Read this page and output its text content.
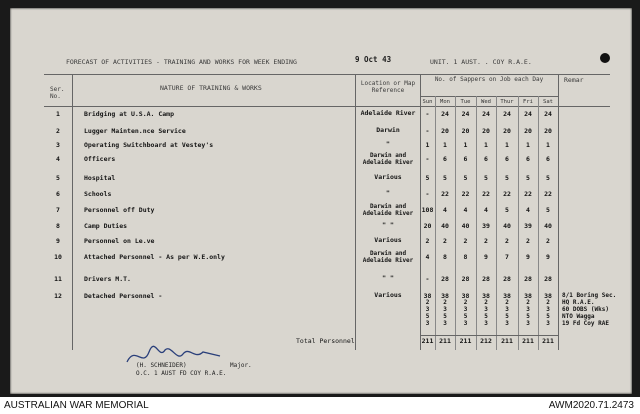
FORECAST OF ACTIVITIES - TRAINING AND WORKS FOR WEEK ENDING	9 Oct 43	UNIT. 1 AUST. . COY R.A.E.
Ser. No.
NATURE OF TRAINING & WORKS
Location or Map Reference
No. of Sappers on Job each Day	Remar
(H. SCHNEIDER)	Major.
O.C. 1 AUST FD COY R.A.E.
AUSTRALIAN WAR MEMORIAL	AWM2020.71.2473
Sun	Mon	Tue	Wed	Thur	Fri	Sat
1	Bridging at U.S.A. Camp	Adelaide River	-	24	24	24	24	24	24
2	Lugger Mainten.nce Service	Darwin	-	20	20	20	20	20	20
3	Operating Switchboard at Vestey's	"	1	1	1	1	1	1	1
4	Officers	Darwin and Adelaide River	-	6	6	6	6	6	6
5	Hospital	Various	5	5	5	5	5	5	5
6	Schools	"	-	22	22	22	22	22	22
7	Personnel off Duty	Darwin and Adelaide River	108	4	4	4	5	4	5
8	Camp Duties	" "	20	40	40	39	40	39	40
9	Personnel on Le.ve	Various	2	2	2	2	2	2	2
10	Attached Personnel - As per W.E.only	Darwin and Adelaide River	4	8	8	9	7	9	9
11	Drivers M.T.	" "	-	28	28	28	28	28	28
12	Detached Personnel -	Various	38	38	38	38	38	38	38	8/1 Boring Sec.
2	2	2	2	2	2	2	HQ R.A.E.
3	3	3	3	3	3	3	60 DOBS (Wks)
5	5	5	5	5	5	5	NTO Wagga
3	3	3	3	3	3	3	19 Fd Coy RAE
Total Personnel	211 211	211	212	211	211	211
